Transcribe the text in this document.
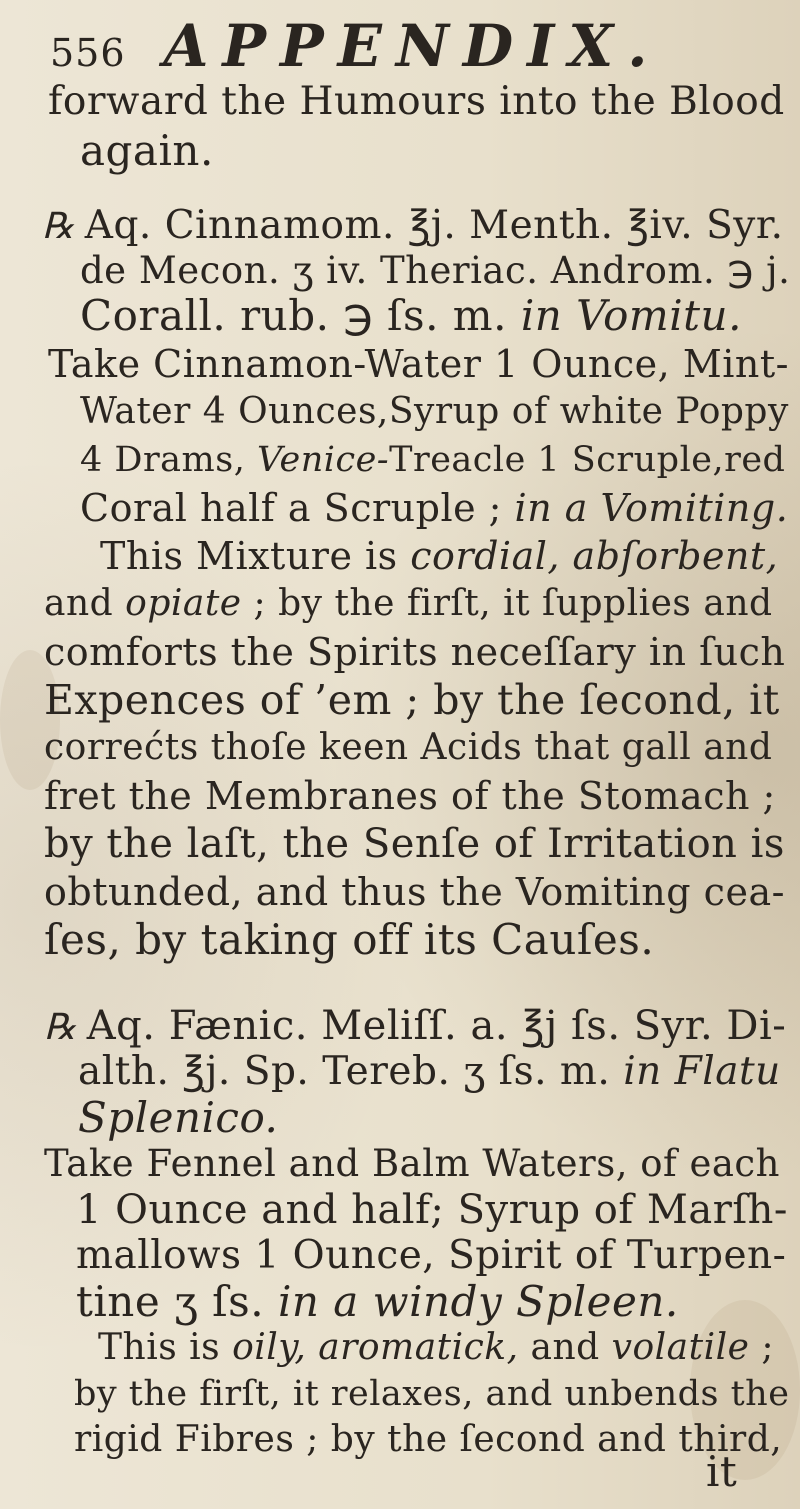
556 APPENDIX.
forward the Humours into the Blood
again.
℞ Aq. Cinnamom. ℥j. Menth. ℥iv. Syr.
de Mecon. ʒ iv. Theriac. Androm. ℈ j.
Corall. rub. ℈ ſs. m. in Vomitu.
Take Cinnamon-Water 1 Ounce, Mint-
Water 4 Ounces,Syrup of white Poppy
4 Drams, Venice-Treacle 1 Scruple,red
Coral half a Scruple ; in a Vomiting.
This Mixture is cordial, abſorbent,
and opiate ; by the firſt, it ſupplies and
comforts the Spirits neceſſary in ſuch
Expences of ’em ; by the ſecond, it
correćts thoſe keen Acids that gall and
fret the Membranes of the Stomach ;
by the laſt, the Senſe of Irritation is
obtunded, and thus the Vomiting cea-
ſes, by taking off its Cauſes.
℞ Aq. Fænic. Meliſſ. a. ℥j ſs. Syr. Di-
alth. ℥j. Sp. Tereb. ʒ ſs. m. in Flatu
Splenico.
Take Fennel and Balm Waters, of each
1 Ounce and half; Syrup of Marſh-
mallows 1 Ounce, Spirit of Turpen-
tine ʒ ſs. in a windy Spleen.
This is oily, aromatick, and volatile ;
by the firſt, it relaxes, and unbends the
rigid Fibres ; by the ſecond and third,
it
